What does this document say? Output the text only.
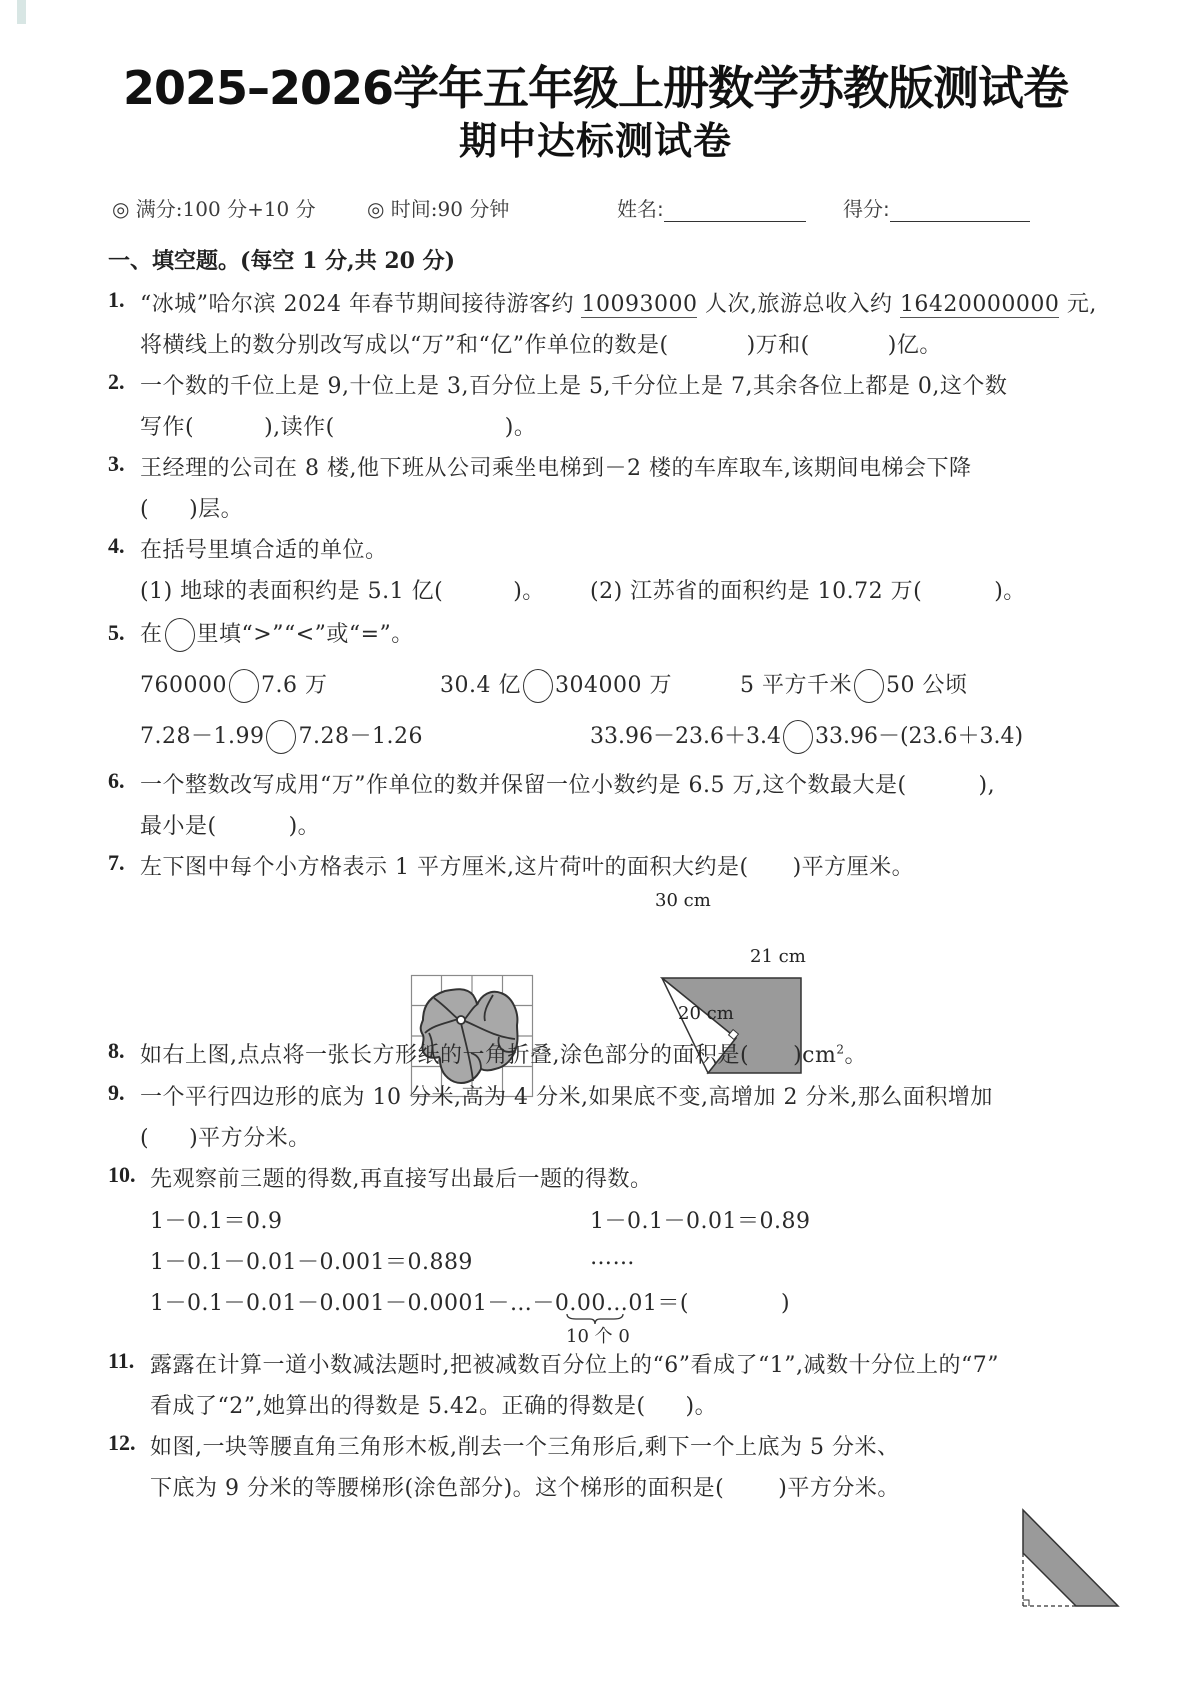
2025–2026学年五年级上册数学苏教版测试卷
期中达标测试卷
◎ 满分:100 分+10 分	◎ 时间:90 分钟	姓名:	得分:
一、填空题。(每空 1 分,共 20 分)
1. “冰城”哈尔滨 2024 年春节期间接待游客约 10093000 人次,旅游总收入约 16420000000 元,
将横线上的数分别改写成以“万”和“亿”作单位的数是(	)万和(	)亿。
2. 一个数的千位上是 9,十位上是 3,百分位上是 5,千分位上是 7,其余各位上都是 0,这个数
写作(	),读作(	)。
3. 王经理的公司在 8 楼,他下班从公司乘坐电梯到－2 楼的车库取车,该期间电梯会下降
( )层。
4. 在括号里填合适的单位。
(1) 地球的表面积约是 5.1 亿(	)。 (2) 江苏省的面积约是 10.72 万(	)。
5. 在 里填“>”“<”或“=”。
760000 7.6 万	30.4 亿 304000 万	5 平方千米 50 公顷
7.28－1.99 7.28－1.26	33.96－23.6＋3.4 33.96－(23.6＋3.4)
6. 一个整数改写成用“万”作单位的数并保留一位小数约是 6.5 万,这个数最大是(	),
最小是(	)。
7. 左下图中每个小方格表示 1 平方厘米,这片荷叶的面积大约是( )平方厘米。
30 cm
21 cm
20 cm
8. 如右上图,点点将一张长方形纸的一角折叠,涂色部分的面积是( )$cm^2$。
9. 一个平行四边形的底为 10 分米,高为 4 分米,如果底不变,高增加 2 分米,那么面积增加
( )平方分米。
10. 先观察前三题的得数,再直接写出最后一题的得数。
1－0.1＝0.9	1－0.1－0.01＝0.89
1－0.1－0.01－0.001＝0.889	……
1－0.1－0.01－0.001－0.0001－…－0.00…01＝(	)
10 个 0
11. 露露在计算一道小数减法题时,把被减数百分位上的“6”看成了“1”,减数十分位上的“7”
看成了“2”,她算出的得数是 5.42。正确的得数是( )。
12. 如图,一块等腰直角三角形木板,削去一个三角形后,剩下一个上底为 5 分米、
下底为 9 分米的等腰梯形(涂色部分)。这个梯形的面积是( )平方分米。
